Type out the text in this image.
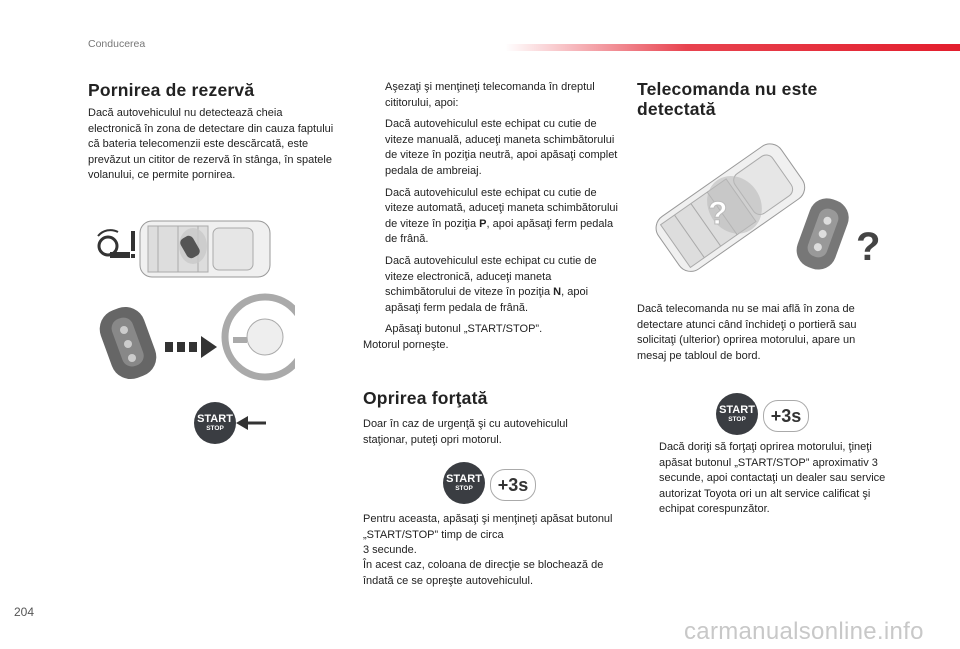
Conducerea
Pornirea de rezervă

Dacă autovehiculul nu detectează cheia electronică în zona de detectare din cauza faptului că bateria telecomenzii este descărcată, este prevăzut un cititor de rezervă în stânga, în spatele volanului, ce permite pornirea.

START
STOP
Aşezaţi şi menţineţi telecomanda în dreptul cititorului, apoi:
Dacă autovehiculul este echipat cu cutie de viteze manuală, aduceţi maneta schimbătorului de viteze în poziţia neutră, apoi apăsaţi complet pedala de ambreiaj.
Dacă autovehiculul este echipat cu cutie de viteze automată, aduceţi maneta schimbătorului de viteze în poziţia P, apoi apăsaţi ferm pedala de frână.
Dacă autovehiculul este echipat cu cutie de viteze electronică, aduceţi maneta schimbătorului de viteze în poziţia N, apoi apăsaţi ferm pedala de frână.
Apăsaţi butonul „START/STOP”.

Motorul porneşte.

Oprirea forţată

Doar în caz de urgenţă şi cu autovehiculul staţionar, puteţi opri motorul.

START
STOP	+3s

Pentru aceasta, apăsaţi şi menţineţi apăsat butonul „START/STOP” timp de circa

3 secunde.

În acest caz, coloana de direcţie se blochează de îndată ce se opreşte autovehiculul.

Telecomanda nu este
detectată
?
?

Dacă telecomanda nu se mai află în zona de detectare atunci când închideţi o portieră sau solicitaţi (ulterior) oprirea motorului, apare un mesaj pe tabloul de bord.

START
STOP	+3s
Dacă doriţi să forţaţi oprirea motorului, ţineţi apăsat butonul „START/STOP” aproximativ 3 secunde, apoi contactaţi un dealer sau service autorizat Toyota ori un alt service calificat şi echipat corespunzător.
204
carmanualsonline.info
